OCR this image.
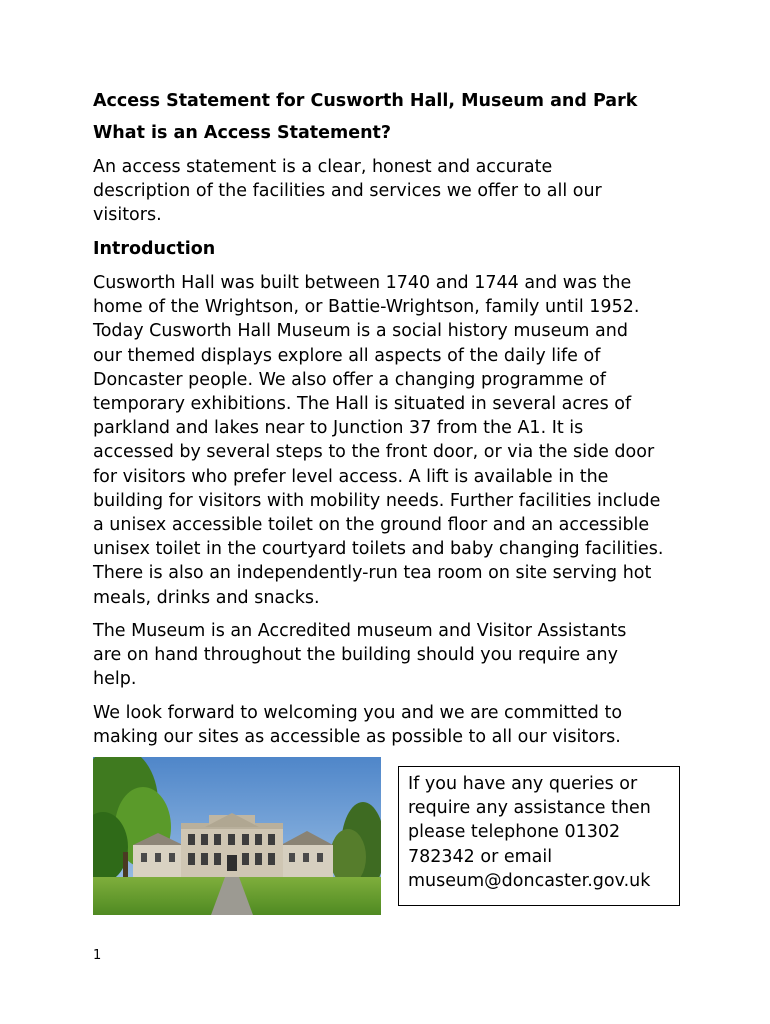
Access Statement for Cusworth Hall, Museum and Park
What is an Access Statement?

An access statement is a clear, honest and accurate
description of the facilities and services we offer to all our
visitors.

Introduction

Cusworth Hall was built between 1740 and 1744 and was the
home of the Wrightson, or Battie-Wrightson, family until 1952.
Today Cusworth Hall Museum is a social history museum and
our themed displays explore all aspects of the daily life of
Doncaster people. We also offer a changing programme of
temporary exhibitions. The Hall is situated in several acres of
parkland and lakes near to Junction 37 from the A1. It is
accessed by several steps to the front door, or via the side door
for visitors who prefer level access. A lift is available in the
building for visitors with mobility needs. Further facilities include
a unisex accessible toilet on the ground floor and an accessible
unisex toilet in the courtyard toilets and baby changing facilities.
There is also an independently-run tea room on site serving hot
meals, drinks and snacks.

The Museum is an Accredited museum and Visitor Assistants
are on hand throughout the building should you require any
help.

We look forward to welcoming you and we are committed to
making our sites as accessible as possible to all our visitors.

If you have any queries or
require any assistance then
please telephone 01302
782342 or email
museum@doncaster.gov.uk
1
